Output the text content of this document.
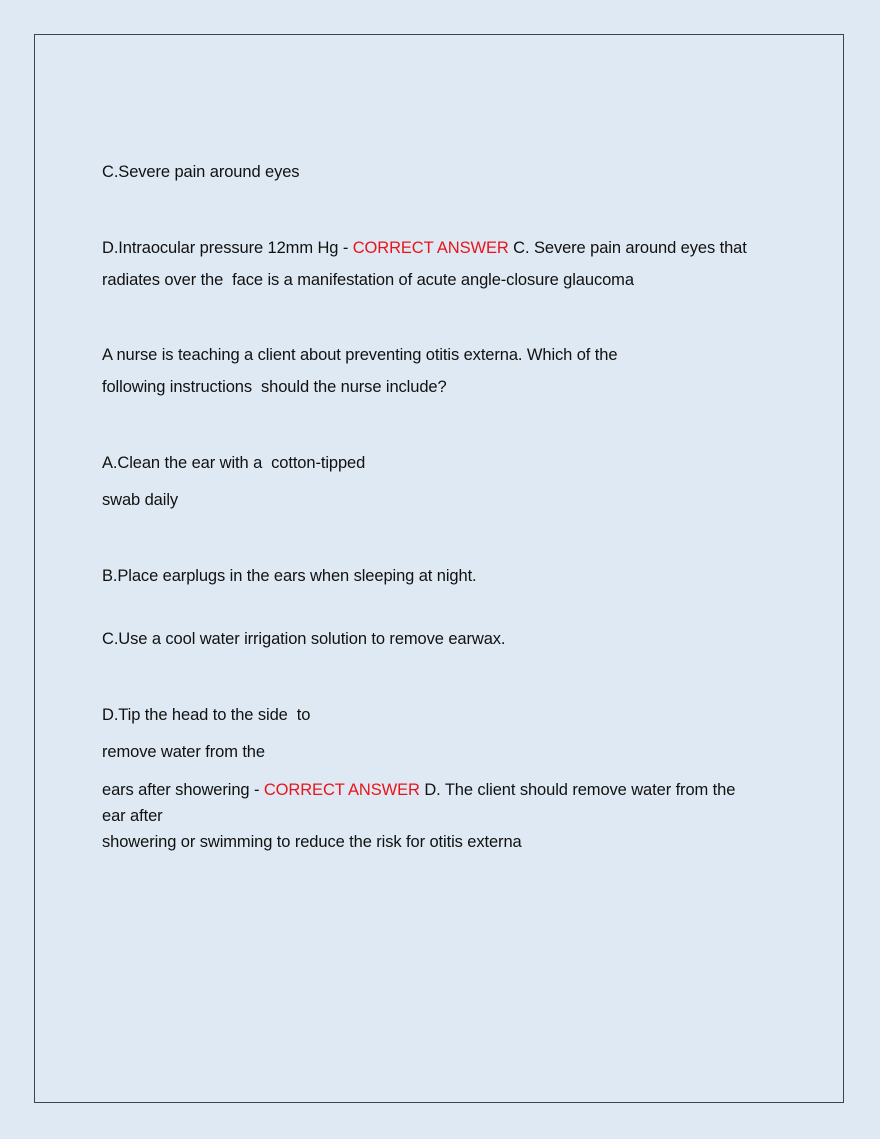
C.Severe pain around eyes
D.Intraocular pressure 12mm Hg - CORRECT ANSWER C. Severe pain around eyes that
radiates over the  face is a manifestation of acute angle-closure glaucoma
A nurse is teaching a client about preventing otitis externa. Which of the
following instructions  should the nurse include?
A.Clean the ear with a  cotton-tipped
swab daily
B.Place earplugs in the ears when sleeping at night.
C.Use a cool water irrigation solution to remove earwax.
D.Tip the head to the side  to
remove water from the
ears after showering - CORRECT ANSWER D. The client should remove water from the
ear after
showering or swimming to reduce the risk for otitis externa
